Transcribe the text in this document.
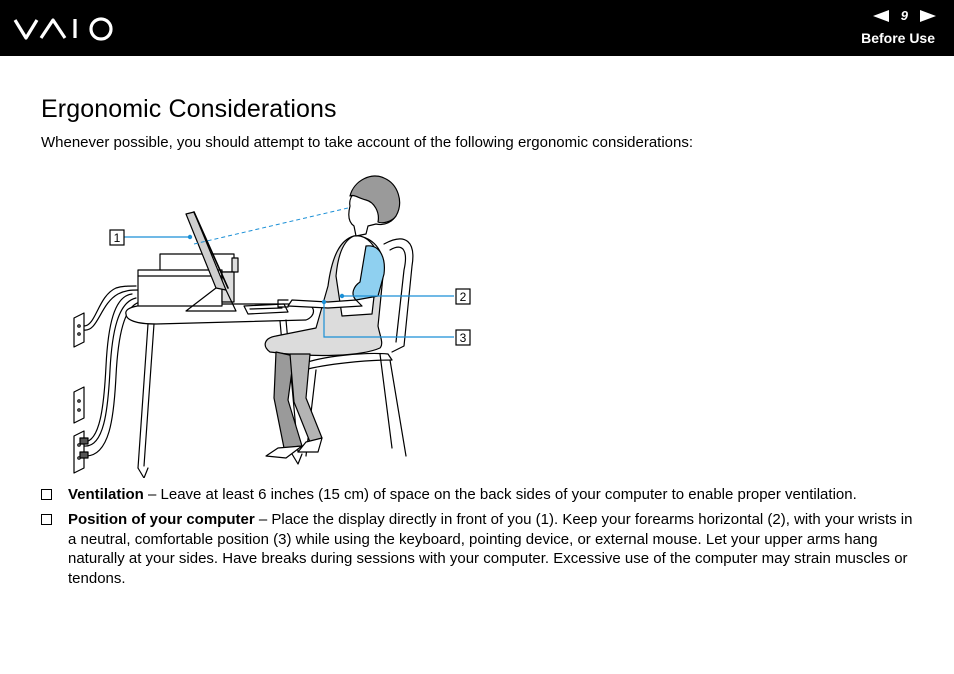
9
Before Use
Ergonomic Considerations

Whenever possible, you should attempt to take account of the following ergonomic considerations:

1
2
3
Ventilation – Leave at least 6 inches (15 cm) of space on the back sides of your computer to enable proper ventilation.
Position of your computer – Place the display directly in front of you (1). Keep your forearms horizontal (2), with your wrists in a neutral, comfortable position (3) while using the keyboard, pointing device, or external mouse. Let your upper arms hang naturally at your sides. Have breaks during sessions with your computer. Excessive use of the computer may strain muscles or tendons.
